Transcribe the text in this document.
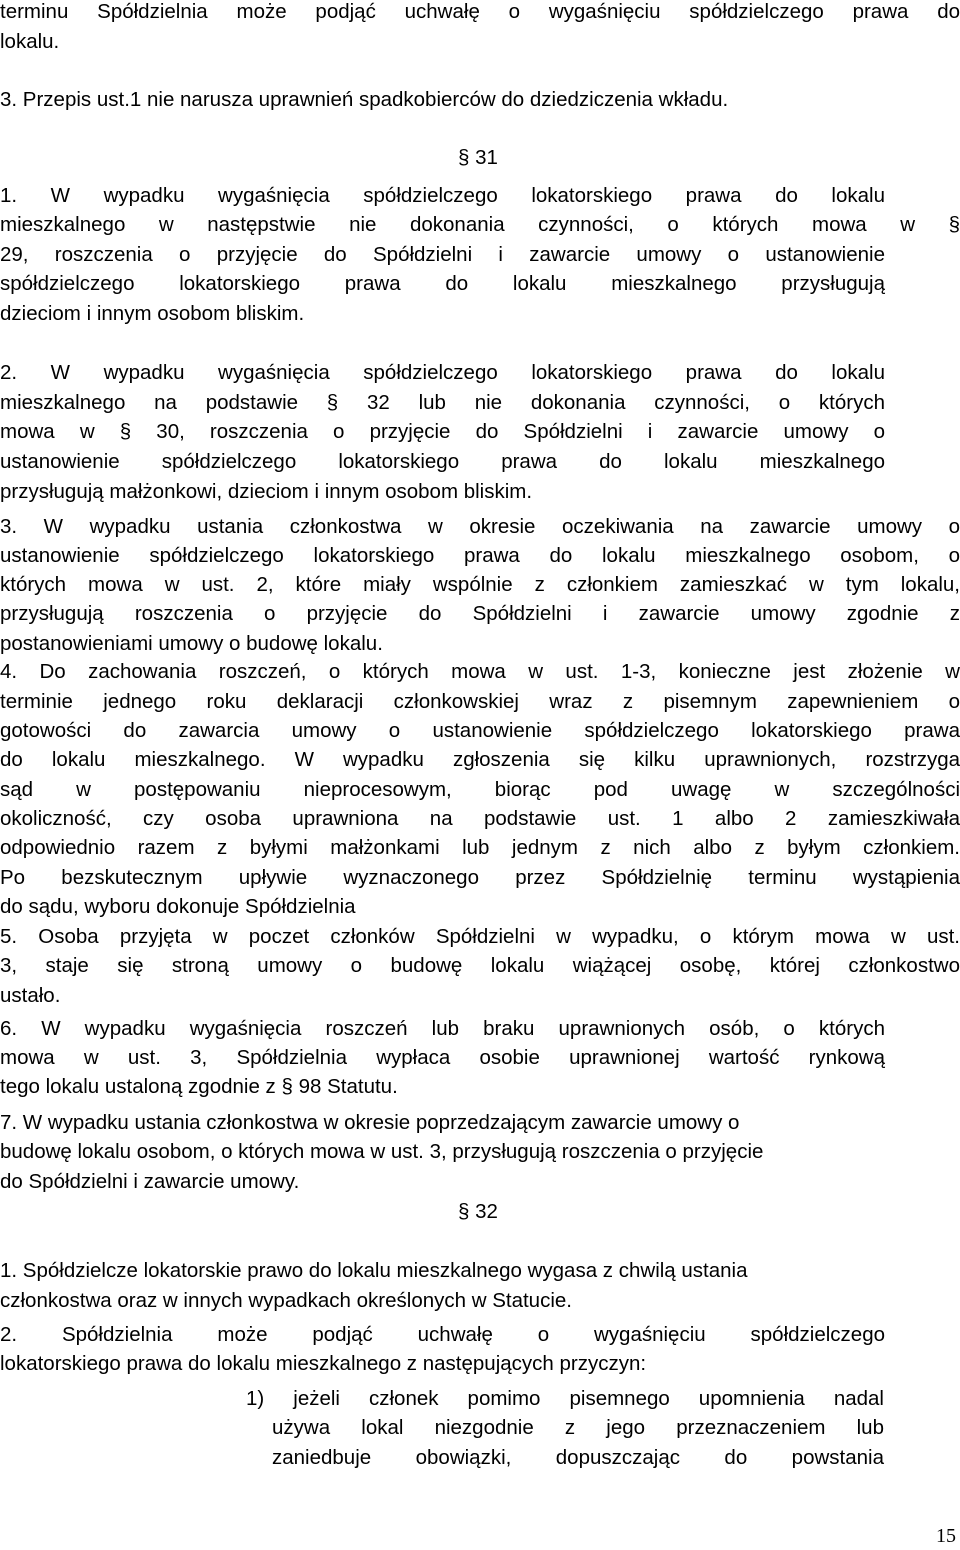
terminu Spółdzielnia może podjąć uchwałę o wygaśnięciu spółdzielczego prawa do

lokalu.

3. Przepis ust.1 nie narusza uprawnień spadkobierców do dziedziczenia wkładu.

§ 31

1. W wypadku wygaśnięcia spółdzielczego lokatorskiego prawa do lokalu

mieszkalnego w następstwie nie dokonania czynności, o których mowa w §

29, roszczenia o przyjęcie do Spółdzielni i zawarcie umowy o ustanowienie

spółdzielczego lokatorskiego prawa do lokalu mieszkalnego przysługują

dzieciom i innym osobom bliskim.

2. W wypadku wygaśnięcia spółdzielczego lokatorskiego prawa do lokalu

mieszkalnego na podstawie § 32 lub nie dokonania czynności, o których

mowa w § 30, roszczenia o przyjęcie do Spółdzielni i zawarcie umowy o

ustanowienie spółdzielczego lokatorskiego prawa do lokalu mieszkalnego

przysługują małżonkowi, dzieciom i innym osobom bliskim.

3. W wypadku ustania członkostwa w okresie oczekiwania na zawarcie umowy o

ustanowienie spółdzielczego lokatorskiego prawa do lokalu mieszkalnego osobom, o

których mowa w ust. 2, które miały wspólnie z członkiem zamieszkać w tym lokalu,

przysługują roszczenia o przyjęcie do Spółdzielni i zawarcie umowy zgodnie z

postanowieniami umowy o budowę lokalu.

4. Do zachowania roszczeń, o których mowa w ust. 1-3, konieczne jest złożenie w

terminie jednego roku deklaracji członkowskiej wraz z pisemnym zapewnieniem o

gotowości do zawarcia umowy o ustanowienie spółdzielczego lokatorskiego prawa

do lokalu mieszkalnego. W wypadku zgłoszenia się kilku uprawnionych, rozstrzyga

sąd w postępowaniu nieprocesowym, biorąc pod uwagę w szczególności

okoliczność, czy osoba uprawniona na podstawie ust. 1 albo 2 zamieszkiwała

odpowiednio razem z byłymi małżonkami lub jednym z nich albo z byłym członkiem.

Po bezskutecznym upływie wyznaczonego przez Spółdzielnię terminu wystąpienia

do sądu, wyboru dokonuje Spółdzielnia

5. Osoba przyjęta w poczet członków Spółdzielni w wypadku, o którym mowa w ust.

3, staje się stroną umowy o budowę lokalu wiążącej osobę, której członkostwo

ustało.

6. W wypadku wygaśnięcia roszczeń lub braku uprawnionych osób, o których

mowa w ust. 3, Spółdzielnia wypłaca osobie uprawnionej wartość rynkową

tego lokalu ustaloną zgodnie z § 98 Statutu.

7. W wypadku ustania członkostwa w okresie poprzedzającym zawarcie umowy o

budowę lokalu osobom, o których mowa w ust. 3, przysługują roszczenia o przyjęcie

do Spółdzielni i zawarcie umowy.

§ 32

1. Spółdzielcze lokatorskie prawo do lokalu mieszkalnego wygasa z chwilą ustania

członkostwa oraz w innych wypadkach określonych w Statucie.

2. Spółdzielnia może podjąć uchwałę o wygaśnięciu spółdzielczego

lokatorskiego prawa do lokalu mieszkalnego z następujących przyczyn:

1) jeżeli członek pomimo pisemnego upomnienia nadal

używa lokal niezgodnie z jego przeznaczeniem lub

zaniedbuje obowiązki, dopuszczając do powstania

15
